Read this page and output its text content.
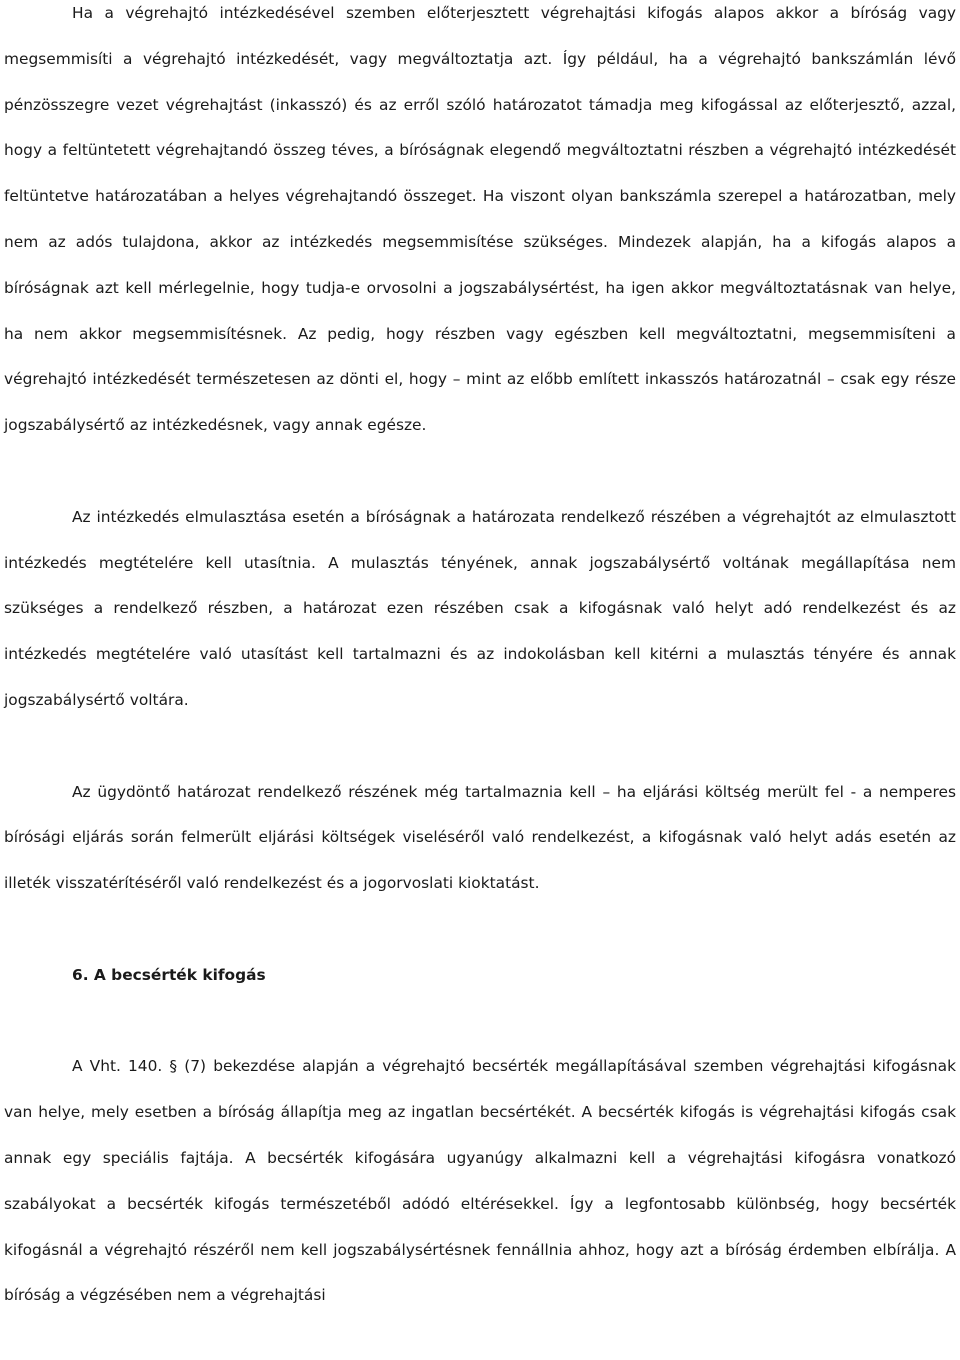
Ha a végrehajtó intézkedésével szemben előterjesztett végrehajtási kifogás alapos akkor a bíróság vagy megsemmisíti a végrehajtó intézkedését, vagy megváltoztatja azt. Így például, ha a végrehajtó bankszámlán lévő pénzösszegre vezet végrehajtást (inkasszó) és az erről szóló határozatot támadja meg kifogással az előterjesztő, azzal, hogy a feltüntetett végrehajtandó összeg téves, a bíróságnak elegendő megváltoztatni részben a végrehajtó intézkedését feltüntetve határozatában a helyes végrehajtandó összeget. Ha viszont olyan bankszámla szerepel a határozatban, mely nem az adós tulajdona, akkor az intézkedés megsemmisítése szükséges. Mindezek alapján, ha a kifogás alapos a bíróságnak azt kell mérlegelnie, hogy tudja-e orvosolni a jogszabálysértést, ha igen akkor megváltoztatásnak van helye, ha nem akkor megsemmisítésnek. Az pedig, hogy részben vagy egészben kell megváltoztatni, megsemmisíteni a végrehajtó intézkedését természetesen az dönti el, hogy – mint az előbb említett inkasszós határozatnál – csak egy része jogszabálysértő az intézkedésnek, vagy annak egésze.

Az intézkedés elmulasztása esetén a bíróságnak a határozata rendelkező részében a végrehajtót az elmulasztott intézkedés megtételére kell utasítnia. A mulasztás tényének, annak jogszabálysértő voltának megállapítása nem szükséges a rendelkező részben, a határozat ezen részében csak a kifogásnak való helyt adó rendelkezést és az intézkedés megtételére való utasítást kell tartalmazni és az indokolásban kell kitérni a mulasztás tényére és annak jogszabálysértő voltára.

Az ügydöntő határozat rendelkező részének még tartalmaznia kell – ha eljárási költség merült fel - a nemperes bírósági eljárás során felmerült eljárási költségek viseléséről való rendelkezést, a kifogásnak való helyt adás esetén az illeték visszatérítéséről való rendelkezést és a jogorvoslati kioktatást.

6. A becsérték kifogás

A Vht. 140. § (7) bekezdése alapján a végrehajtó becsérték megállapításával szemben végrehajtási kifogásnak van helye, mely esetben a bíróság állapítja meg az ingatlan becsértékét. A becsérték kifogás is végrehajtási kifogás csak annak egy speciális fajtája. A becsérték kifogására ugyanúgy alkalmazni kell a végrehajtási kifogásra vonatkozó szabályokat a becsérték kifogás természetéből adódó eltérésekkel. Így a legfontosabb különbség, hogy becsérték kifogásnál a végrehajtó részéről nem kell jogszabálysértésnek fennállnia ahhoz, hogy azt a bíróság érdemben elbírálja. A bíróság a végzésében nem a végrehajtási
